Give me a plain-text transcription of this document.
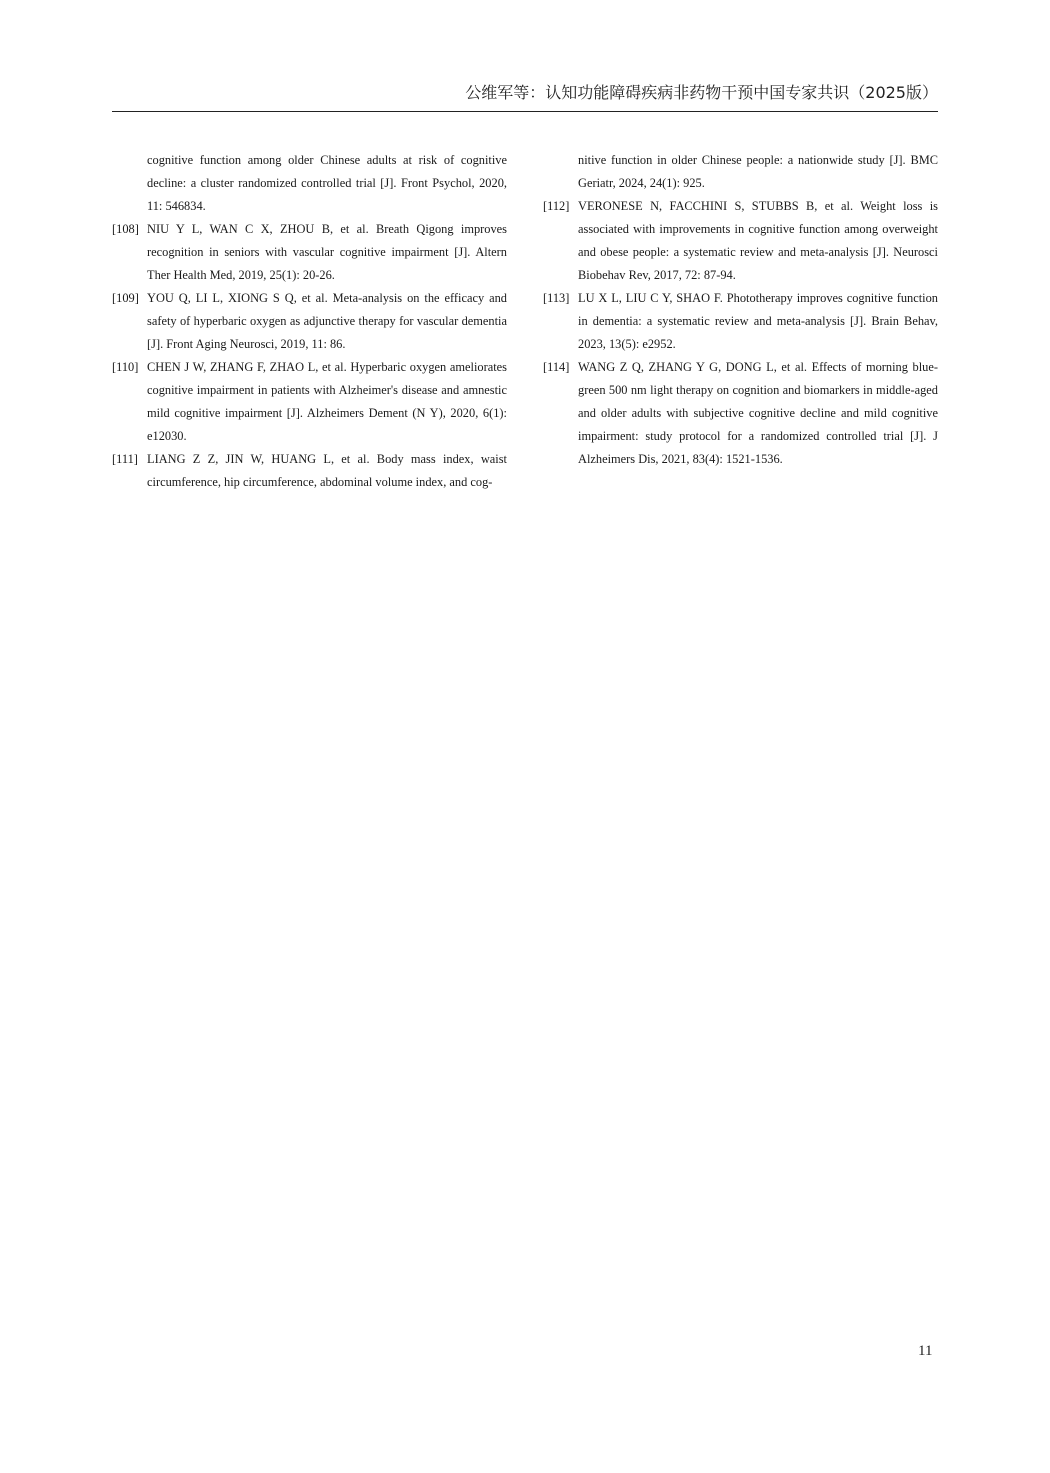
公维军等：认知功能障碍疾病非药物干预中国专家共识（2025版）
cognitive function among older Chinese adults at risk of cognitive decline: a cluster randomized controlled trial [J]. Front Psychol, 2020, 11: 546834.
[108] NIU Y L, WAN C X, ZHOU B, et al. Breath Qigong improves recognition in seniors with vascular cognitive impairment [J]. Altern Ther Health Med, 2019, 25(1): 20-26.
[109] YOU Q, LI L, XIONG S Q, et al. Meta-analysis on the efficacy and safety of hyperbaric oxygen as adjunctive therapy for vascular dementia [J]. Front Aging Neurosci, 2019, 11: 86.
[110] CHEN J W, ZHANG F, ZHAO L, et al. Hyperbaric oxygen ameliorates cognitive impairment in patients with Alzheimer's disease and amnestic mild cognitive impairment [J]. Alzheimers Dement (N Y), 2020, 6(1): e12030.
[111] LIANG Z Z, JIN W, HUANG L, et al. Body mass index, waist circumference, hip circumference, abdominal volume index, and cog-
nitive function in older Chinese people: a nationwide study [J]. BMC Geriatr, 2024, 24(1): 925.
[112] VERONESE N, FACCHINI S, STUBBS B, et al. Weight loss is associated with improvements in cognitive function among overweight and obese people: a systematic review and meta-analysis [J]. Neurosci Biobehav Rev, 2017, 72: 87-94.
[113] LU X L, LIU C Y, SHAO F. Phototherapy improves cognitive function in dementia: a systematic review and meta-analysis [J]. Brain Behav, 2023, 13(5): e2952.
[114] WANG Z Q, ZHANG Y G, DONG L, et al. Effects of morning blue-green 500 nm light therapy on cognition and biomarkers in middle-aged and older adults with subjective cognitive decline and mild cognitive impairment: study protocol for a randomized controlled trial [J]. J Alzheimers Dis, 2021, 83(4): 1521-1536.
11
